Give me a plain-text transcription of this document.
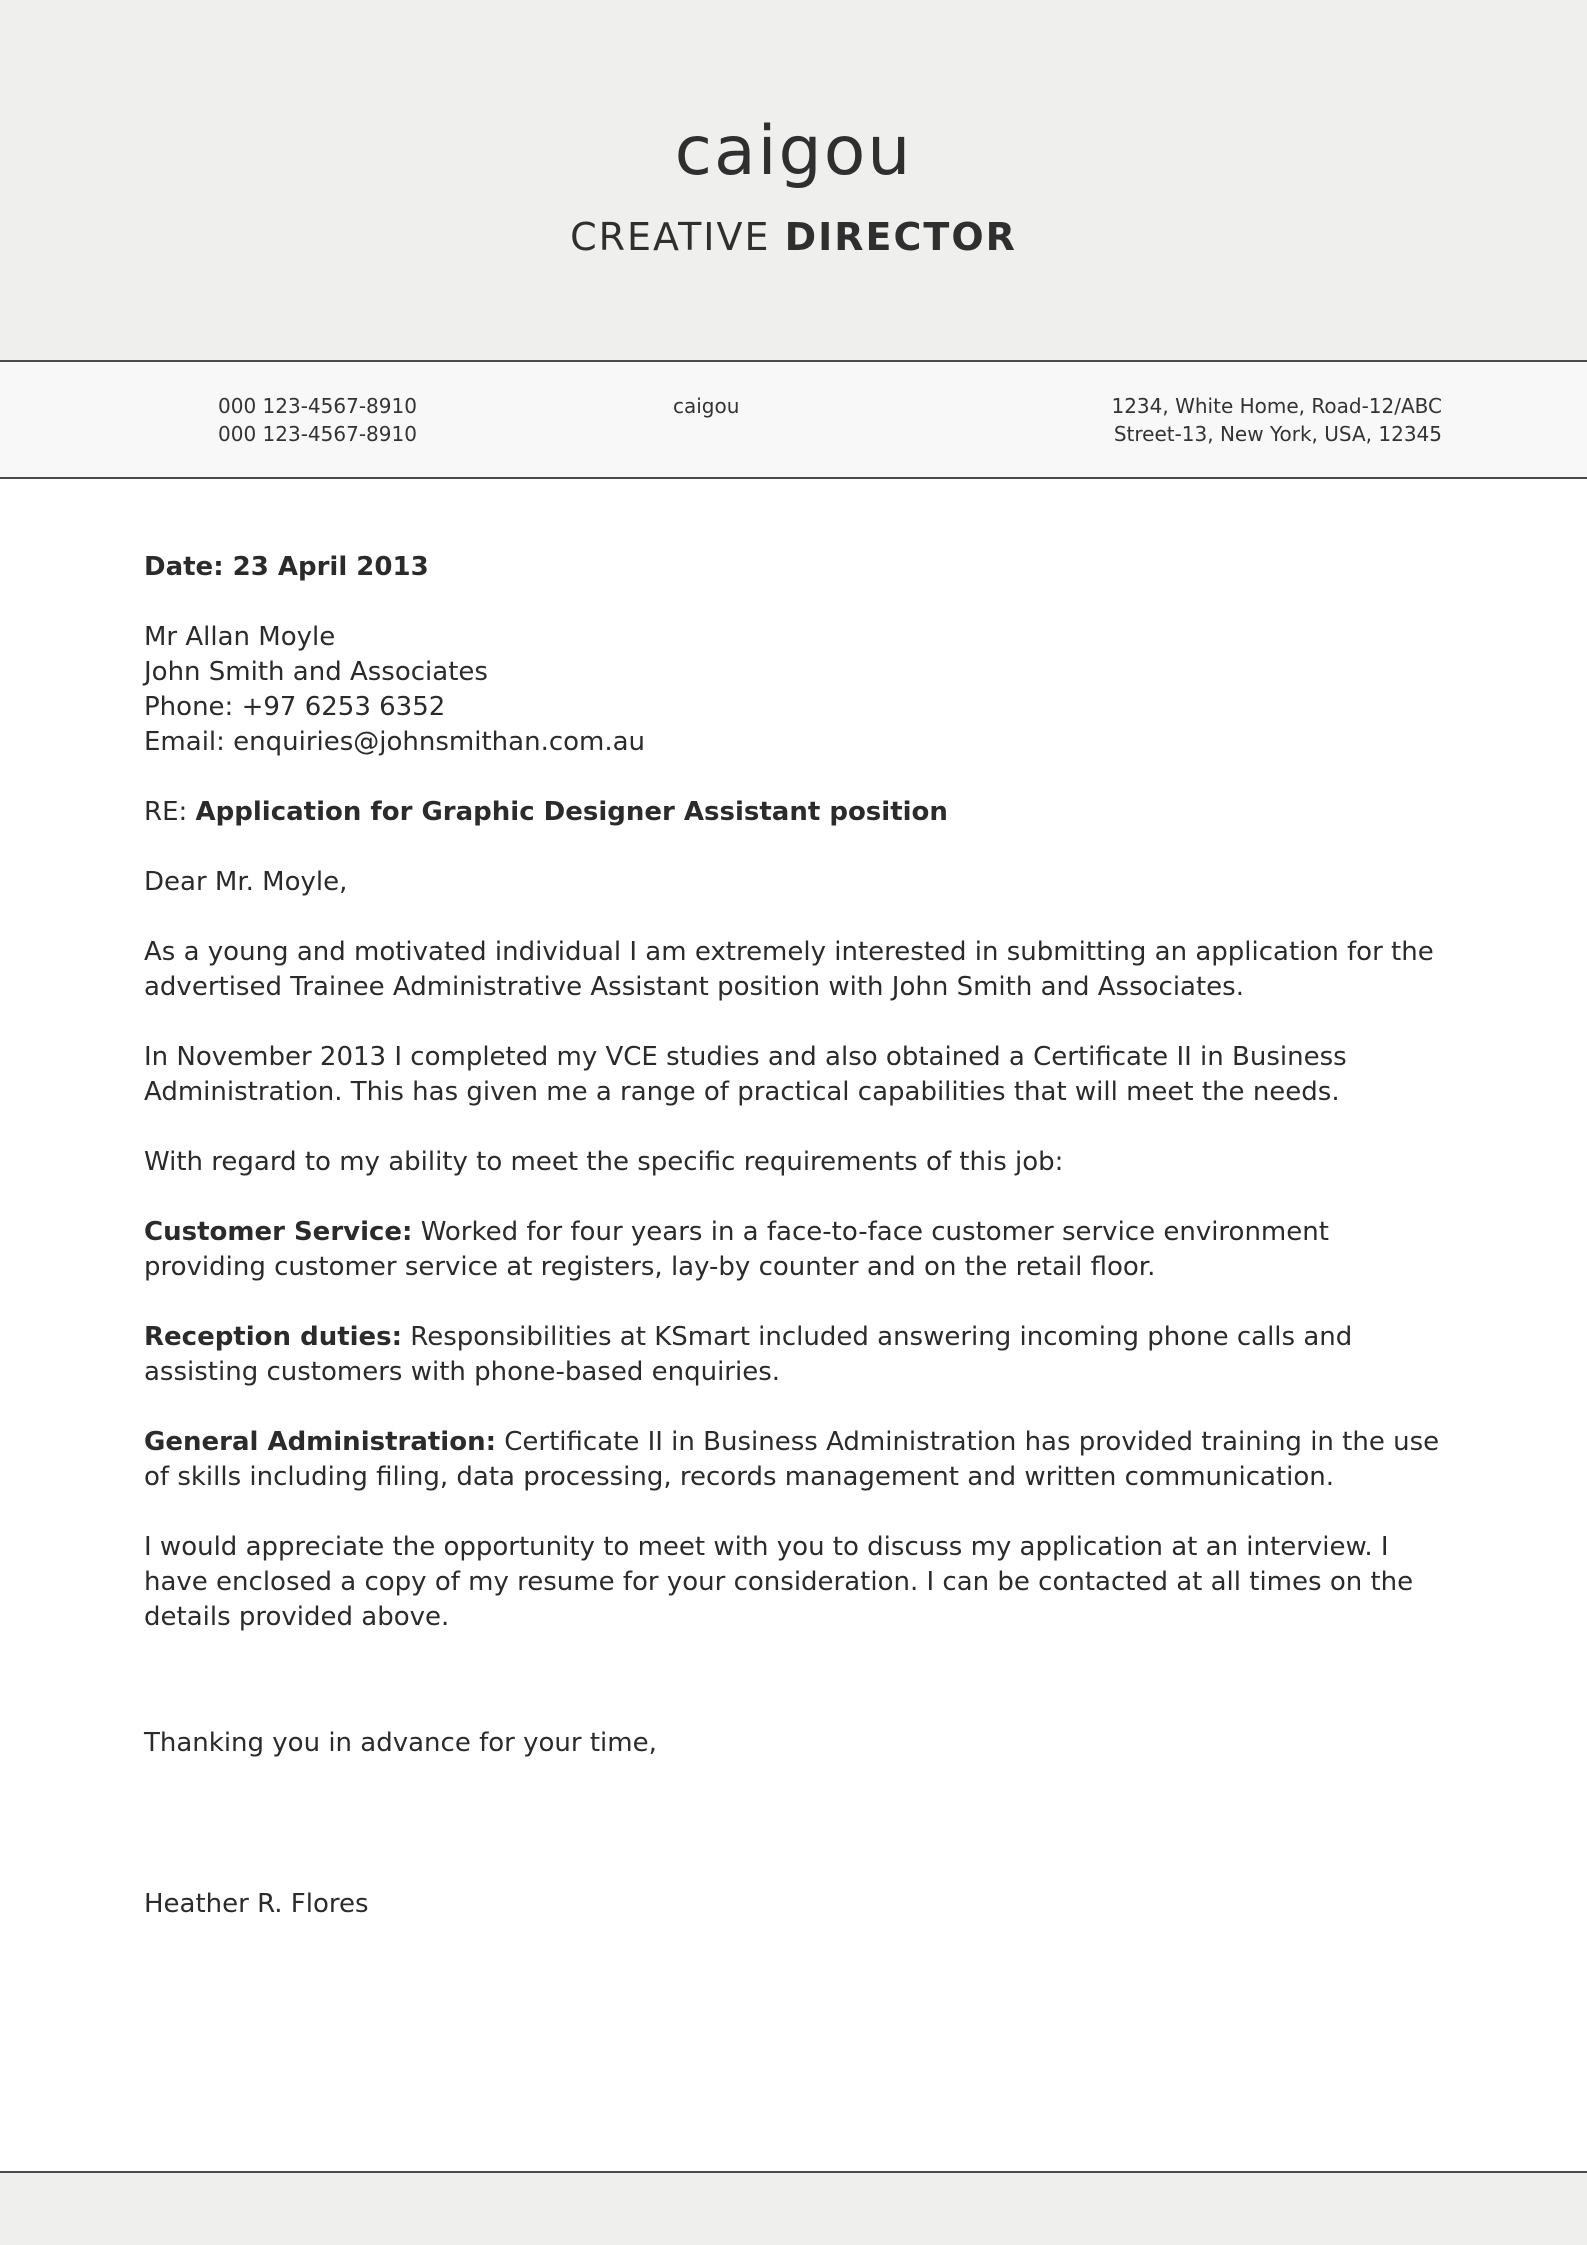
caigou
CREATIVE DIRECTOR
000 123-4567-8910
000 123-4567-8910
caigou	1234, White Home, Road-12/ABC
Street-13, New York, USA, 12345

Date: 23 April 2013

Mr Allan Moyle

John Smith and Associates

Phone: +97 6253 6352

Email: enquiries@johnsmithan.com.au

RE: Application for Graphic Designer Assistant position

Dear Mr. Moyle,

As a young and motivated individual I am extremely interested in submitting an application for the advertised Trainee Administrative Assistant position with John Smith and Associates.

In November 2013 I completed my VCE studies and also obtained a Certificate II in Business Administration. This has given me a range of practical capabilities that will meet the needs.

With regard to my ability to meet the specific requirements of this job:

Customer Service: Worked for four years in a face-to-face customer service environment providing customer service at registers, lay-by counter and on the retail floor.

Reception duties: Responsibilities at KSmart included answering incoming phone calls and assisting customers with phone-based enquiries.

General Administration: Certificate II in Business Administration has provided training in the use of skills including filing, data processing, records management and written communication.

I would appreciate the opportunity to meet with you to discuss my application at an interview. I have enclosed a copy of my resume for your consideration. I can be contacted at all times on the details provided above.

Thanking you in advance for your time,

Heather R. Flores
